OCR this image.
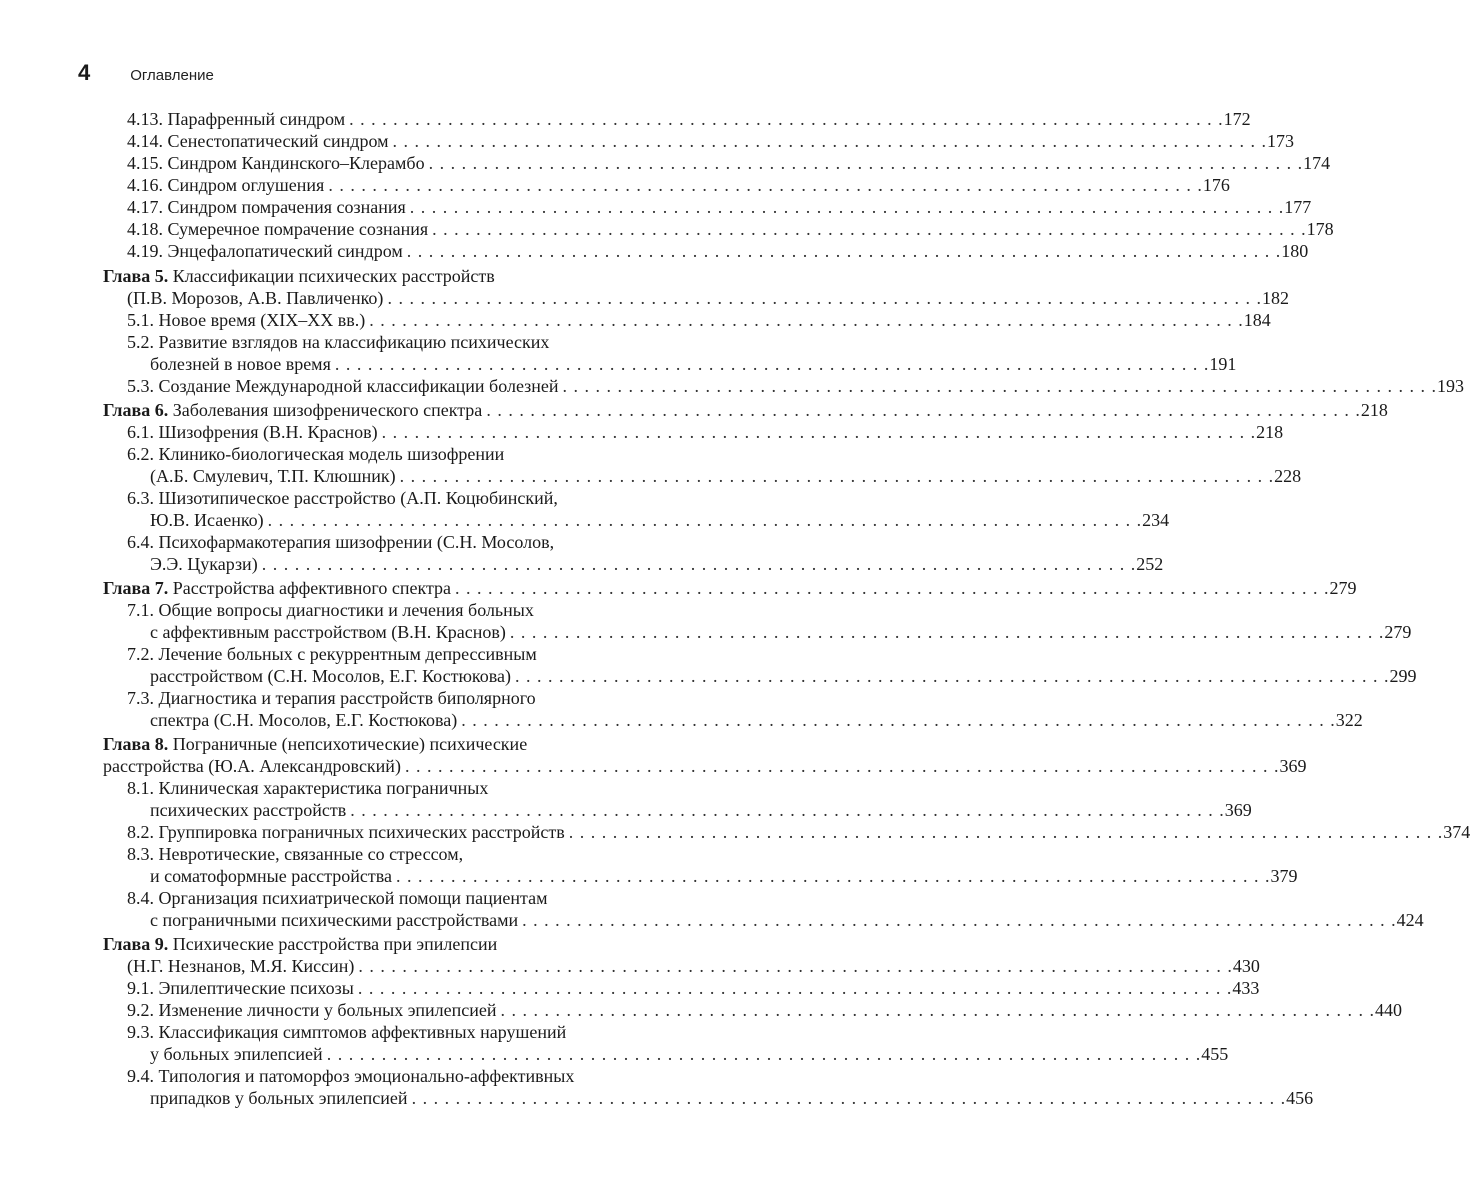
4	Оглавление
4.13. Парафренный синдром . . . . . . . . . . . . . . . . . . . . . . . . . . . . . . . . . . . . . . . . . . . . . . . . . . . . . . . . . . . . . . . . . . . . . . . . . . . . . . . . 172
4.14. Сенестопатический синдром . . . . . . . . . . . . . . . . . . . . . . . . . . . . . . . . . . . . . . . . . . . . . . . . . . . . . . . . . . . . . . . . . . . . . . . . . . . . . . . . 173
4.15. Синдром Кандинского–Клерамбо . . . . . . . . . . . . . . . . . . . . . . . . . . . . . . . . . . . . . . . . . . . . . . . . . . . . . . . . . . . . . . . . . . . . . . . . . . . . . . . . 174
4.16. Синдром оглушения . . . . . . . . . . . . . . . . . . . . . . . . . . . . . . . . . . . . . . . . . . . . . . . . . . . . . . . . . . . . . . . . . . . . . . . . . . . . . . . . 176
4.17. Синдром помрачения сознания . . . . . . . . . . . . . . . . . . . . . . . . . . . . . . . . . . . . . . . . . . . . . . . . . . . . . . . . . . . . . . . . . . . . . . . . . . . . . . . . 177
4.18. Сумеречное помрачение сознания . . . . . . . . . . . . . . . . . . . . . . . . . . . . . . . . . . . . . . . . . . . . . . . . . . . . . . . . . . . . . . . . . . . . . . . . . . . . . . . . 178
4.19. Энцефалопатический синдром . . . . . . . . . . . . . . . . . . . . . . . . . . . . . . . . . . . . . . . . . . . . . . . . . . . . . . . . . . . . . . . . . . . . . . . . . . . . . . . . 180
Глава 5. Классификации психических расстройств
(П.В. Морозов, А.В. Павличенко) . . . . . . . . . . . . . . . . . . . . . . . . . . . . . . . . . . . . . . . . . . . . . . . . . . . . . . . . . . . . . . . . . . . . . . . . . . . . . . . . 182
5.1. Новое время (XIX–XX вв.) . . . . . . . . . . . . . . . . . . . . . . . . . . . . . . . . . . . . . . . . . . . . . . . . . . . . . . . . . . . . . . . . . . . . . . . . . . . . . . . . 184
5.2. Развитие взглядов на классификацию психических
болезней в новое время . . . . . . . . . . . . . . . . . . . . . . . . . . . . . . . . . . . . . . . . . . . . . . . . . . . . . . . . . . . . . . . . . . . . . . . . . . . . . . . . 191
5.3. Создание Международной классификации болезней . . . . . . . . . . . . . . . . . . . . . . . . . . . . . . . . . . . . . . . . . . . . . . . . . . . . . . . . . . . . . . . . . . . . . . . . . . . . . . . . 193
Глава 6. Заболевания шизофренического спектра . . . . . . . . . . . . . . . . . . . . . . . . . . . . . . . . . . . . . . . . . . . . . . . . . . . . . . . . . . . . . . . . . . . . . . . . . . . . . . . . 218
6.1. Шизофрения (В.Н. Краснов) . . . . . . . . . . . . . . . . . . . . . . . . . . . . . . . . . . . . . . . . . . . . . . . . . . . . . . . . . . . . . . . . . . . . . . . . . . . . . . . . 218
6.2. Клинико-биологическая модель шизофрении
(А.Б. Смулевич, Т.П. Клюшник) . . . . . . . . . . . . . . . . . . . . . . . . . . . . . . . . . . . . . . . . . . . . . . . . . . . . . . . . . . . . . . . . . . . . . . . . . . . . . . . . 228
6.3. Шизотипическое расстройство (А.П. Коцюбинский,
Ю.В. Исаенко) . . . . . . . . . . . . . . . . . . . . . . . . . . . . . . . . . . . . . . . . . . . . . . . . . . . . . . . . . . . . . . . . . . . . . . . . . . . . . . . . 234
6.4. Психофармакотерапия шизофрении (С.Н. Мосолов,
Э.Э. Цукарзи) . . . . . . . . . . . . . . . . . . . . . . . . . . . . . . . . . . . . . . . . . . . . . . . . . . . . . . . . . . . . . . . . . . . . . . . . . . . . . . . . 252
Глава 7. Расстройства аффективного спектра . . . . . . . . . . . . . . . . . . . . . . . . . . . . . . . . . . . . . . . . . . . . . . . . . . . . . . . . . . . . . . . . . . . . . . . . . . . . . . . . 279
7.1. Общие вопросы диагностики и лечения больных
с аффективным расстройством (В.Н. Краснов) . . . . . . . . . . . . . . . . . . . . . . . . . . . . . . . . . . . . . . . . . . . . . . . . . . . . . . . . . . . . . . . . . . . . . . . . . . . . . . . . 279
7.2. Лечение больных с рекуррентным депрессивным
расстройством (С.Н. Мосолов, Е.Г. Костюкова) . . . . . . . . . . . . . . . . . . . . . . . . . . . . . . . . . . . . . . . . . . . . . . . . . . . . . . . . . . . . . . . . . . . . . . . . . . . . . . . . 299
7.3. Диагностика и терапия расстройств биполярного
спектра (С.Н. Мосолов, Е.Г. Костюкова) . . . . . . . . . . . . . . . . . . . . . . . . . . . . . . . . . . . . . . . . . . . . . . . . . . . . . . . . . . . . . . . . . . . . . . . . . . . . . . . . 322
Глава 8. Пограничные (непсихотические) психические
расстройства (Ю.А. Александровский) . . . . . . . . . . . . . . . . . . . . . . . . . . . . . . . . . . . . . . . . . . . . . . . . . . . . . . . . . . . . . . . . . . . . . . . . . . . . . . . . 369
8.1. Клиническая характеристика пограничных
психических расстройств . . . . . . . . . . . . . . . . . . . . . . . . . . . . . . . . . . . . . . . . . . . . . . . . . . . . . . . . . . . . . . . . . . . . . . . . . . . . . . . . 369
8.2. Группировка пограничных психических расстройств . . . . . . . . . . . . . . . . . . . . . . . . . . . . . . . . . . . . . . . . . . . . . . . . . . . . . . . . . . . . . . . . . . . . . . . . . . . . . . . . 374
8.3. Невротические, связанные со стрессом,
и соматоформные расстройства . . . . . . . . . . . . . . . . . . . . . . . . . . . . . . . . . . . . . . . . . . . . . . . . . . . . . . . . . . . . . . . . . . . . . . . . . . . . . . . . 379
8.4. Организация психиатрической помощи пациентам
с пограничными психическими расстройствами . . . . . . . . . . . . . . . . . . . . . . . . . . . . . . . . . . . . . . . . . . . . . . . . . . . . . . . . . . . . . . . . . . . . . . . . . . . . . . . . 424
Глава 9. Психические расстройства при эпилепсии
(Н.Г. Незнанов, М.Я. Киссин) . . . . . . . . . . . . . . . . . . . . . . . . . . . . . . . . . . . . . . . . . . . . . . . . . . . . . . . . . . . . . . . . . . . . . . . . . . . . . . . . 430
9.1. Эпилептические психозы . . . . . . . . . . . . . . . . . . . . . . . . . . . . . . . . . . . . . . . . . . . . . . . . . . . . . . . . . . . . . . . . . . . . . . . . . . . . . . . . 433
9.2. Изменение личности у больных эпилепсией . . . . . . . . . . . . . . . . . . . . . . . . . . . . . . . . . . . . . . . . . . . . . . . . . . . . . . . . . . . . . . . . . . . . . . . . . . . . . . . . 440
9.3. Классификация симптомов аффективных нарушений
у больных эпилепсией . . . . . . . . . . . . . . . . . . . . . . . . . . . . . . . . . . . . . . . . . . . . . . . . . . . . . . . . . . . . . . . . . . . . . . . . . . . . . . . . 455
9.4. Типология и патоморфоз эмоционально-аффективных
припадков у больных эпилепсией . . . . . . . . . . . . . . . . . . . . . . . . . . . . . . . . . . . . . . . . . . . . . . . . . . . . . . . . . . . . . . . . . . . . . . . . . . . . . . . . 456
